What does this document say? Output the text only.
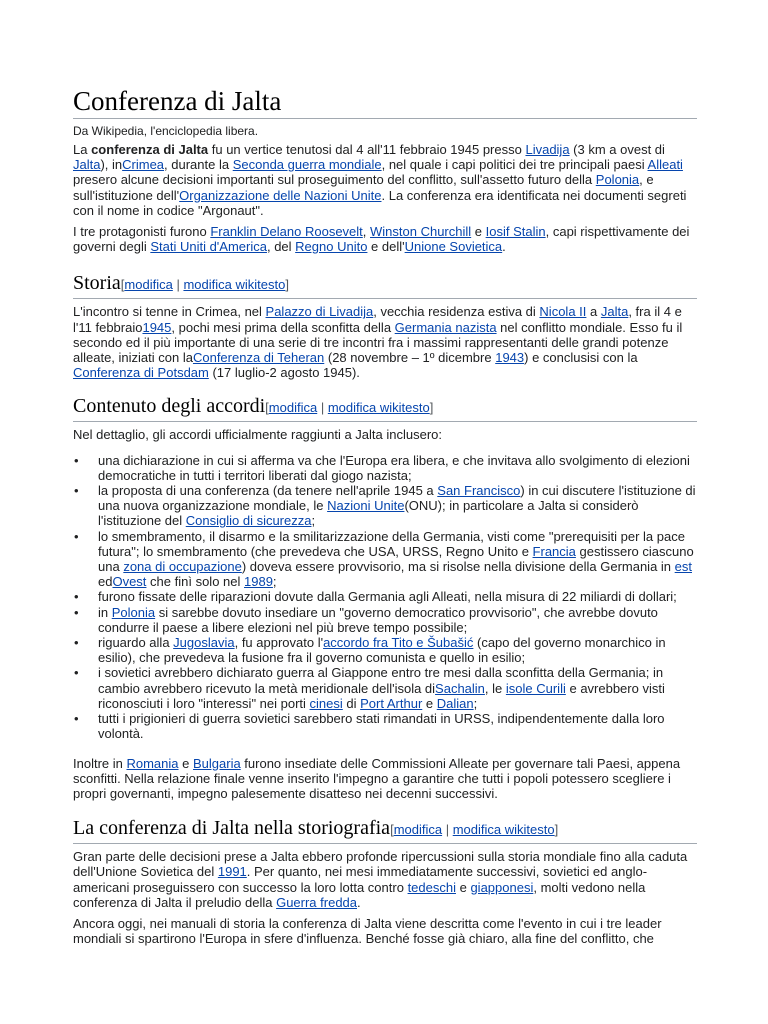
Conferenza di Jalta
Da Wikipedia, l'enciclopedia libera.

La conferenza di Jalta fu un vertice tenutosi dal 4 all'11 febbraio 1945 presso Livadija (3 km a ovest di Jalta), inCrimea, durante la Seconda guerra mondiale, nel quale i capi politici dei tre principali paesi Alleati presero alcune decisioni importanti sul proseguimento del conflitto, sull'assetto futuro della Polonia, e sull'istituzione dell'Organizzazione delle Nazioni Unite. La conferenza era identificata nei documenti segreti con il nome in codice "Argonaut".

I tre protagonisti furono Franklin Delano Roosevelt, Winston Churchill e Iosif Stalin, capi rispettivamente dei governi degli Stati Uniti d'America, del Regno Unito e dell'Unione Sovietica.

Storia[modifica | modifica wikitesto]

L'incontro si tenne in Crimea, nel Palazzo di Livadija, vecchia residenza estiva di Nicola II a Jalta, fra il 4 e l'11 febbraio1945, pochi mesi prima della sconfitta della Germania nazista nel conflitto mondiale. Esso fu il secondo ed il più importante di una serie di tre incontri fra i massimi rappresentanti delle grandi potenze alleate, iniziati con laConferenza di Teheran (28 novembre – 1º dicembre 1943) e conclusisi con la Conferenza di Potsdam (17 luglio-2 agosto 1945).

Contenuto degli accordi[modifica | modifica wikitesto]

Nel dettaglio, gli accordi ufficialmente raggiunti a Jalta inclusero:

• una dichiarazione in cui si afferma va che l'Europa era libera, e che invitava allo svolgimento di elezioni democratiche in tutti i territori liberati dal giogo nazista;
• la proposta di una conferenza (da tenere nell'aprile 1945 a San Francisco) in cui discutere l'istituzione di una nuova organizzazione mondiale, le Nazioni Unite(ONU); in particolare a Jalta si considerò l'istituzione del Consiglio di sicurezza;
• lo smembramento, il disarmo e la smilitarizzazione della Germania, visti come "prerequisiti per la pace futura"; lo smembramento (che prevedeva che USA, URSS, Regno Unito e Francia gestissero ciascuno una zona di occupazione) doveva essere provvisorio, ma si risolse nella divisione della Germania in est edOvest che finì solo nel 1989;
• furono fissate delle riparazioni dovute dalla Germania agli Alleati, nella misura di 22 miliardi di dollari;
• in Polonia si sarebbe dovuto insediare un "governo democratico provvisorio", che avrebbe dovuto condurre il paese a libere elezioni nel più breve tempo possibile;
• riguardo alla Jugoslavia, fu approvato l'accordo fra Tito e Šubašić (capo del governo monarchico in esilio), che prevedeva la fusione fra il governo comunista e quello in esilio;
• i sovietici avrebbero dichiarato guerra al Giappone entro tre mesi dalla sconfitta della Germania; in cambio avrebbero ricevuto la metà meridionale dell'isola diSachalin, le isole Curili e avrebbero visti riconosciuti i loro "interessi" nei porti cinesi di Port Arthur e Dalian;
• tutti i prigionieri di guerra sovietici sarebbero stati rimandati in URSS, indipendentemente dalla loro volontà.

Inoltre in Romania e Bulgaria furono insediate delle Commissioni Alleate per governare tali Paesi, appena sconfitti. Nella relazione finale venne inserito l'impegno a garantire che tutti i popoli potessero scegliere i propri governanti, impegno palesemente disatteso nei decenni successivi.

La conferenza di Jalta nella storiografia[modifica | modifica wikitesto]

Gran parte delle decisioni prese a Jalta ebbero profonde ripercussioni sulla storia mondiale fino alla caduta dell'Unione Sovietica del 1991. Per quanto, nei mesi immediatamente successivi, sovietici ed anglo-americani proseguissero con successo la loro lotta contro tedeschi e giapponesi, molti vedono nella conferenza di Jalta il preludio della Guerra fredda.

Ancora oggi, nei manuali di storia la conferenza di Jalta viene descritta come l'evento in cui i tre leader mondiali si spartirono l'Europa in sfere d'influenza. Benché fosse già chiaro, alla fine del conflitto, che
